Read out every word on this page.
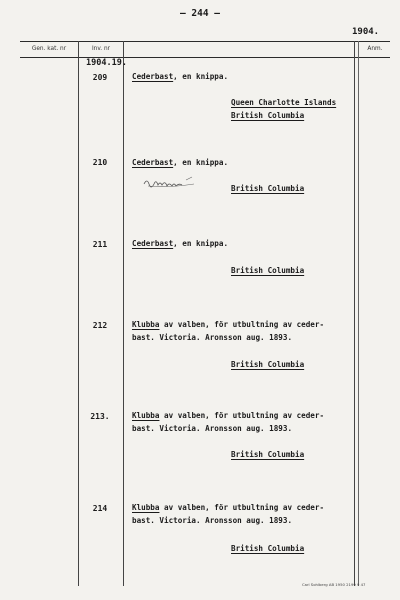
— 244 —
1904.
Gen. kat. nr	Inv. nr	Anm.
1904.19.
209	Cederbast, en knippa.
Queen Charlotte Islands
British Columbia
210	Cederbast, en knippa.
British Columbia
211	Cederbast, en knippa.
British Columbia
212	Klubba av valben, för utbultning av ceder-
bast. Victoria. Aronsson aug. 1893.
British Columbia
213.	Klubba av valben, för utbultning av ceder-
bast. Victoria. Aronsson aug. 1893.
British Columbia
214	Klubba av valben, för utbultning av ceder-
bast. Victoria. Aronsson aug. 1893.
British Columbia
Carl Sohlberg AB 1950 2199 9 47
